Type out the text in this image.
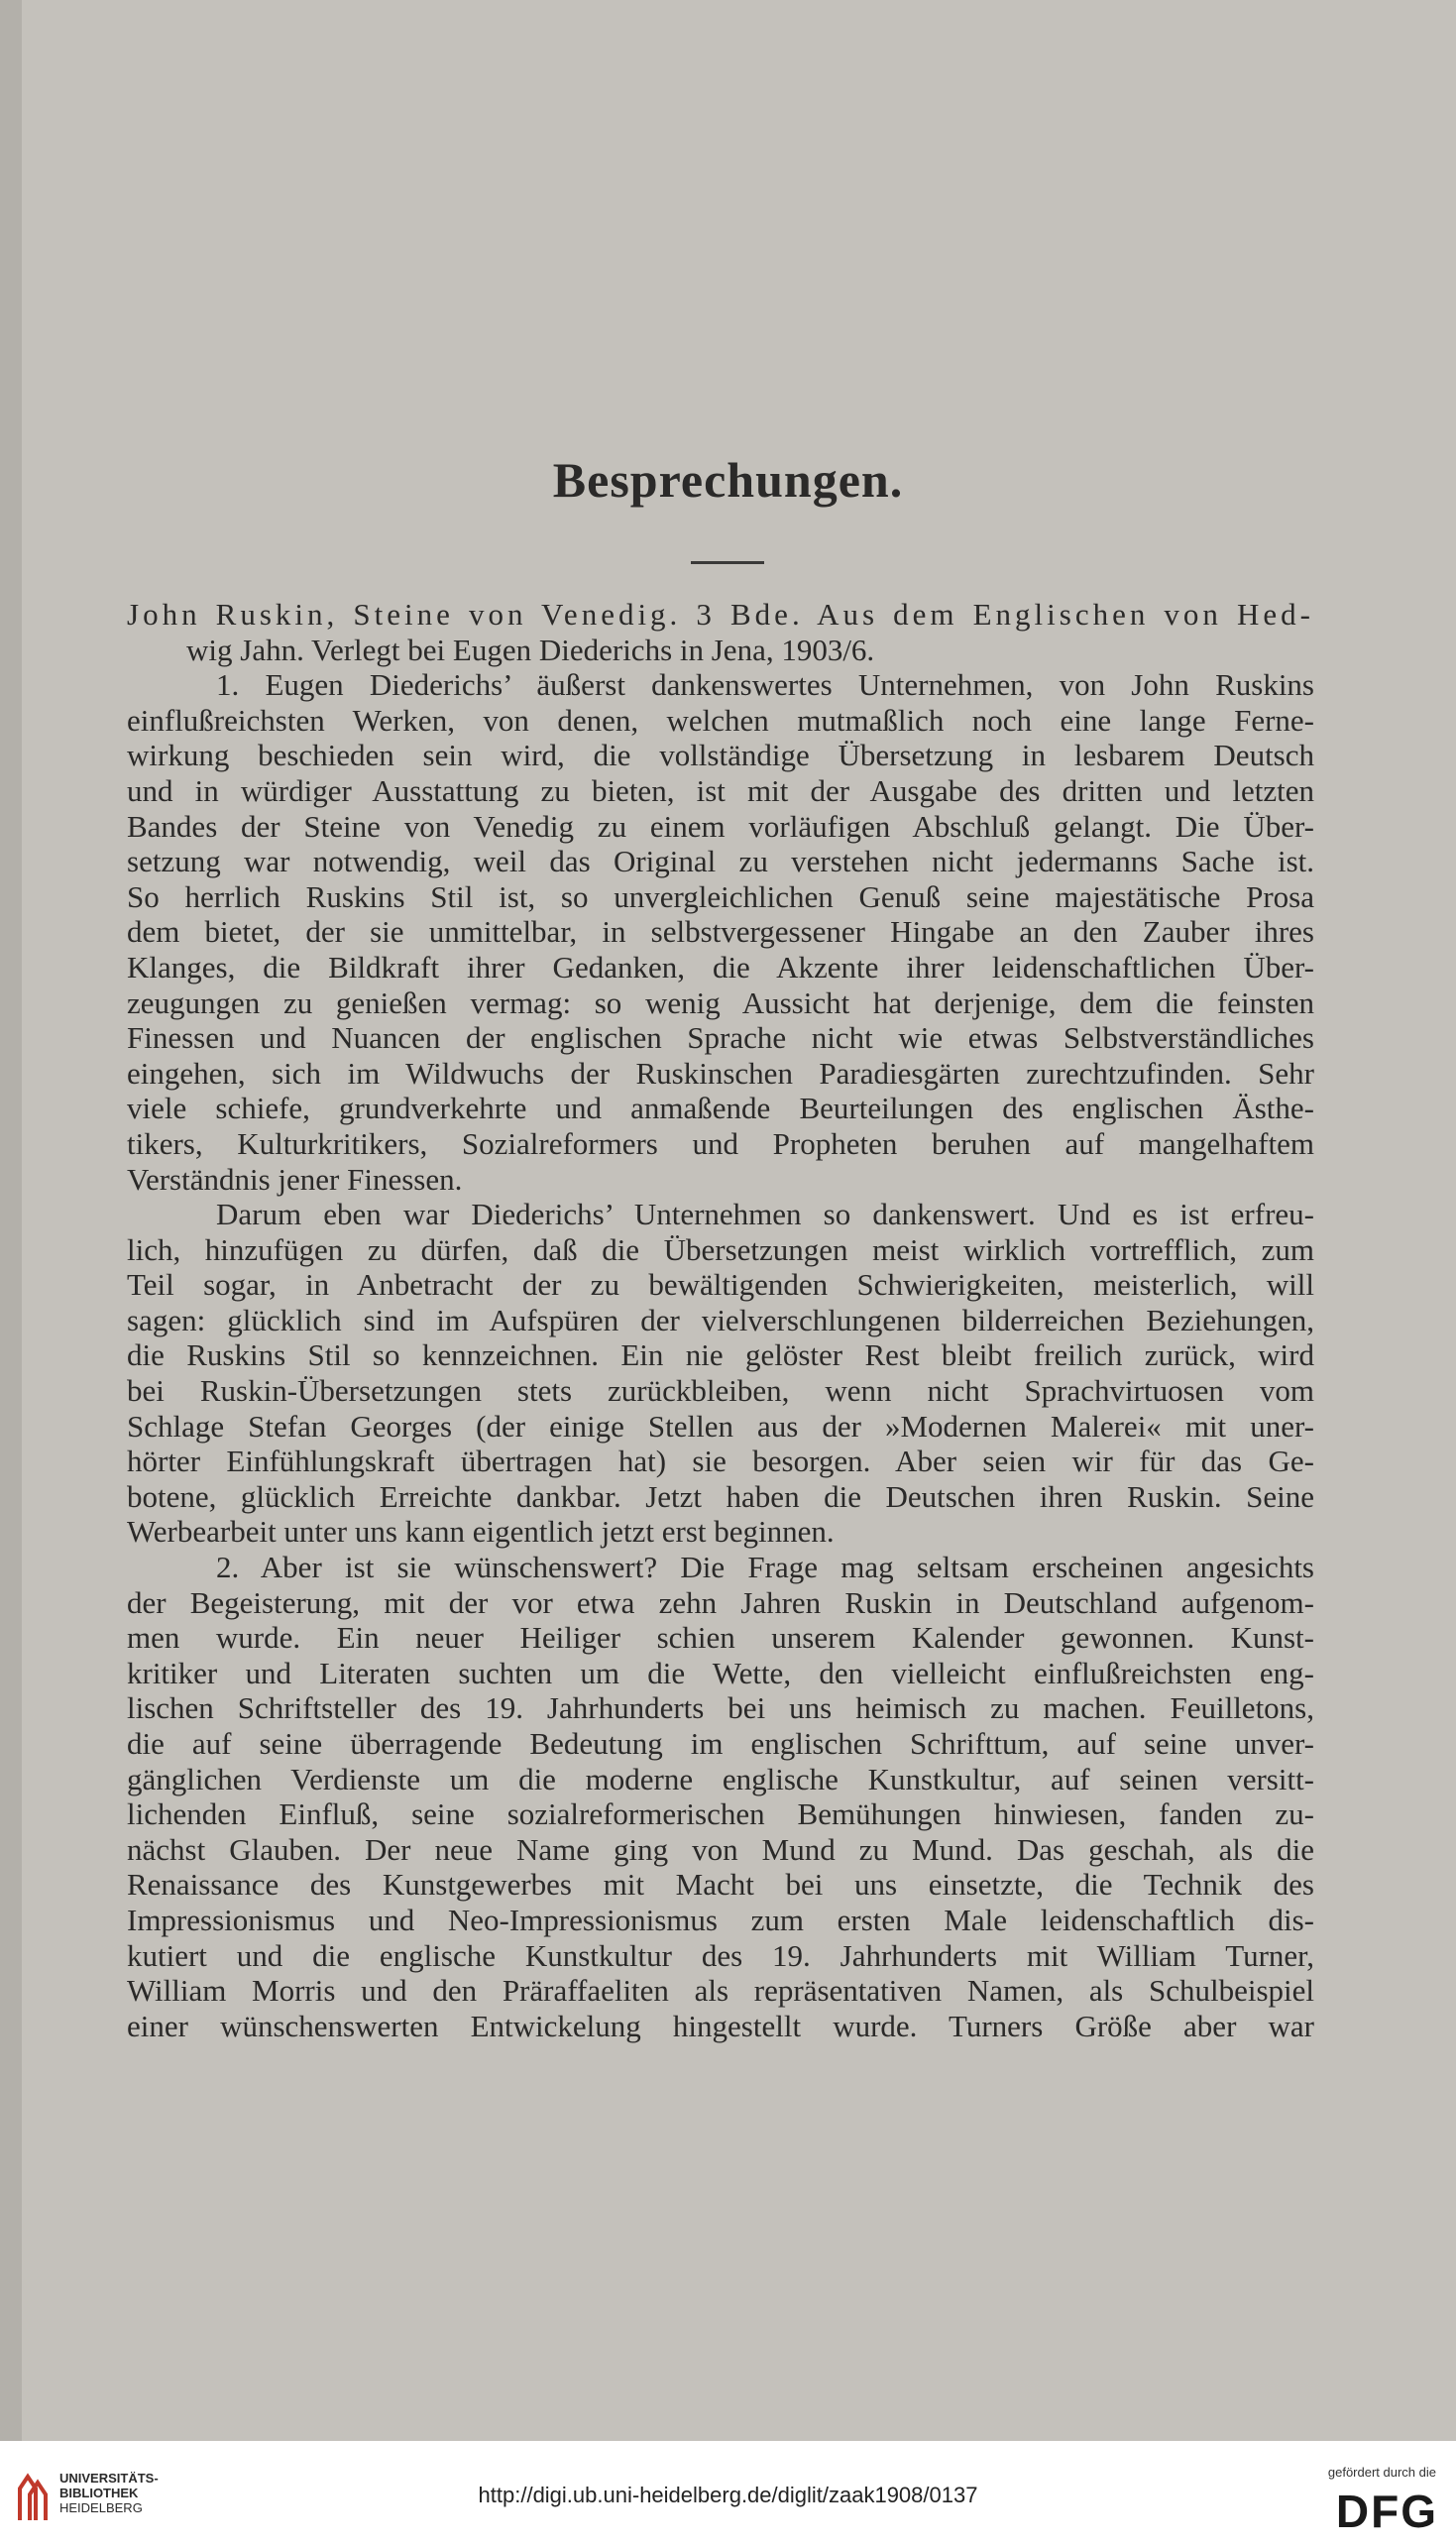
Besprechungen.
John Ruskin, Steine von Venedig. 3 Bde. Aus dem Englischen von Hed-
wig Jahn. Verlegt bei Eugen Diederichs in Jena, 1903/6.
1. Eugen Diederichs’ äußerst dankenswertes Unternehmen, von John Ruskins
einflußreichsten Werken, von denen, welchen mutmaßlich noch eine lange Ferne-
wirkung beschieden sein wird, die vollständige Übersetzung in lesbarem Deutsch
und in würdiger Ausstattung zu bieten, ist mit der Ausgabe des dritten und letzten
Bandes der Steine von Venedig zu einem vorläufigen Abschluß gelangt. Die Über-
setzung war notwendig, weil das Original zu verstehen nicht jedermanns Sache ist.
So herrlich Ruskins Stil ist, so unvergleichlichen Genuß seine majestätische Prosa
dem bietet, der sie unmittelbar, in selbstvergessener Hingabe an den Zauber ihres
Klanges, die Bildkraft ihrer Gedanken, die Akzente ihrer leidenschaftlichen Über-
zeugungen zu genießen vermag: so wenig Aussicht hat derjenige, dem die feinsten
Finessen und Nuancen der englischen Sprache nicht wie etwas Selbstverständliches
eingehen, sich im Wildwuchs der Ruskinschen Paradiesgärten zurechtzufinden. Sehr
viele schiefe, grundverkehrte und anmaßende Beurteilungen des englischen Ästhe-
tikers, Kulturkritikers, Sozialreformers und Propheten beruhen auf mangelhaftem
Verständnis jener Finessen.
Darum eben war Diederichs’ Unternehmen so dankenswert. Und es ist erfreu-
lich, hinzufügen zu dürfen, daß die Übersetzungen meist wirklich vortrefflich, zum
Teil sogar, in Anbetracht der zu bewältigenden Schwierigkeiten, meisterlich, will
sagen: glücklich sind im Aufspüren der vielverschlungenen bilderreichen Beziehungen,
die Ruskins Stil so kennzeichnen. Ein nie gelöster Rest bleibt freilich zurück, wird
bei Ruskin-Übersetzungen stets zurückbleiben, wenn nicht Sprachvirtuosen vom
Schlage Stefan Georges (der einige Stellen aus der »Modernen Malerei« mit uner-
hörter Einfühlungskraft übertragen hat) sie besorgen. Aber seien wir für das Ge-
botene, glücklich Erreichte dankbar. Jetzt haben die Deutschen ihren Ruskin. Seine
Werbearbeit unter uns kann eigentlich jetzt erst beginnen.
2. Aber ist sie wünschenswert? Die Frage mag seltsam erscheinen angesichts
der Begeisterung, mit der vor etwa zehn Jahren Ruskin in Deutschland aufgenom-
men wurde. Ein neuer Heiliger schien unserem Kalender gewonnen. Kunst-
kritiker und Literaten suchten um die Wette, den vielleicht einflußreichsten eng-
lischen Schriftsteller des 19. Jahrhunderts bei uns heimisch zu machen. Feuilletons,
die auf seine überragende Bedeutung im englischen Schrifttum, auf seine unver-
gänglichen Verdienste um die moderne englische Kunstkultur, auf seinen versitt-
lichenden Einfluß, seine sozialreformerischen Bemühungen hinwiesen, fanden zu-
nächst Glauben. Der neue Name ging von Mund zu Mund. Das geschah, als die
Renaissance des Kunstgewerbes mit Macht bei uns einsetzte, die Technik des
Impressionismus und Neo-Impressionismus zum ersten Male leidenschaftlich dis-
kutiert und die englische Kunstkultur des 19. Jahrhunderts mit William Turner,
William Morris und den Präraffaeliten als repräsentativen Namen, als Schulbeispiel
einer wünschenswerten Entwickelung hingestellt wurde. Turners Größe aber war
UNIVERSITÄTS-
BIBLIOTHEK
HEIDELBERG
http://digi.ub.uni-heidelberg.de/diglit/zaak1908/0137
gefördert durch die
DFG
